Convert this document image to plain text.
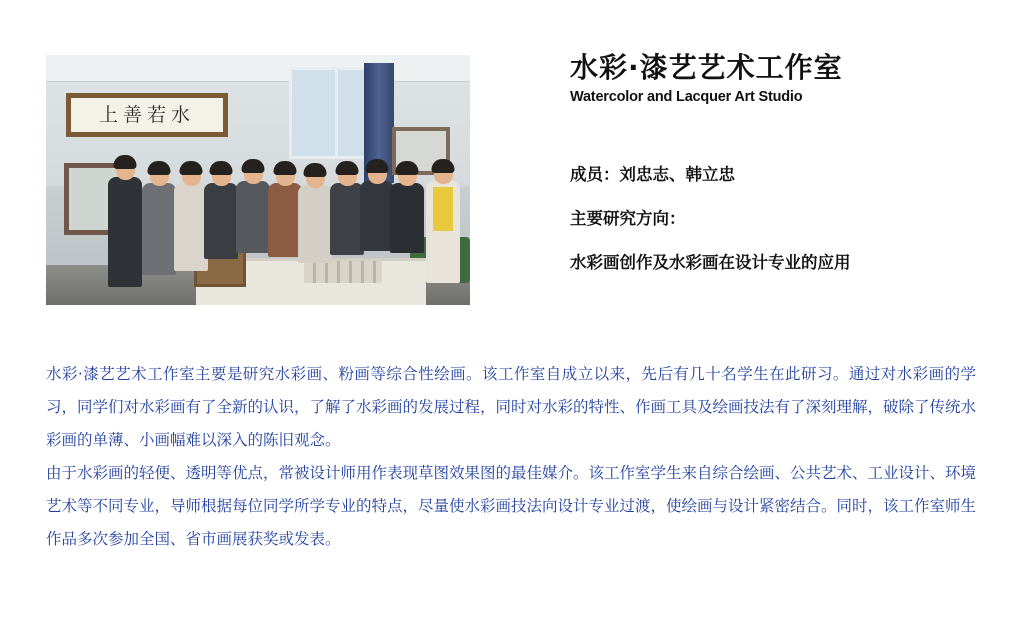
上善若水
水彩·漆艺艺术工作室
Watercolor and Lacquer Art Studio
成员：刘忠志、韩立忠
主要研究方向：
水彩画创作及水彩画在设计专业的应用

水彩·漆艺艺术工作室主要是研究水彩画、粉画等综合性绘画。该工作室自成立以来，先后有几十名学生在此研习。通过对水彩画的学习，同学们对水彩画有了全新的认识，了解了水彩画的发展过程，同时对水彩的特性、作画工具及绘画技法有了深刻理解，破除了传统水彩画的单薄、小画幅难以深入的陈旧观念。

由于水彩画的轻便、透明等优点，常被设计师用作表现草图效果图的最佳媒介。该工作室学生来自综合绘画、公共艺术、工业设计、环境艺术等不同专业，导师根据每位同学所学专业的特点，尽量使水彩画技法向设计专业过渡，使绘画与设计紧密结合。同时，该工作室师生作品多次参加全国、省市画展获奖或发表。
